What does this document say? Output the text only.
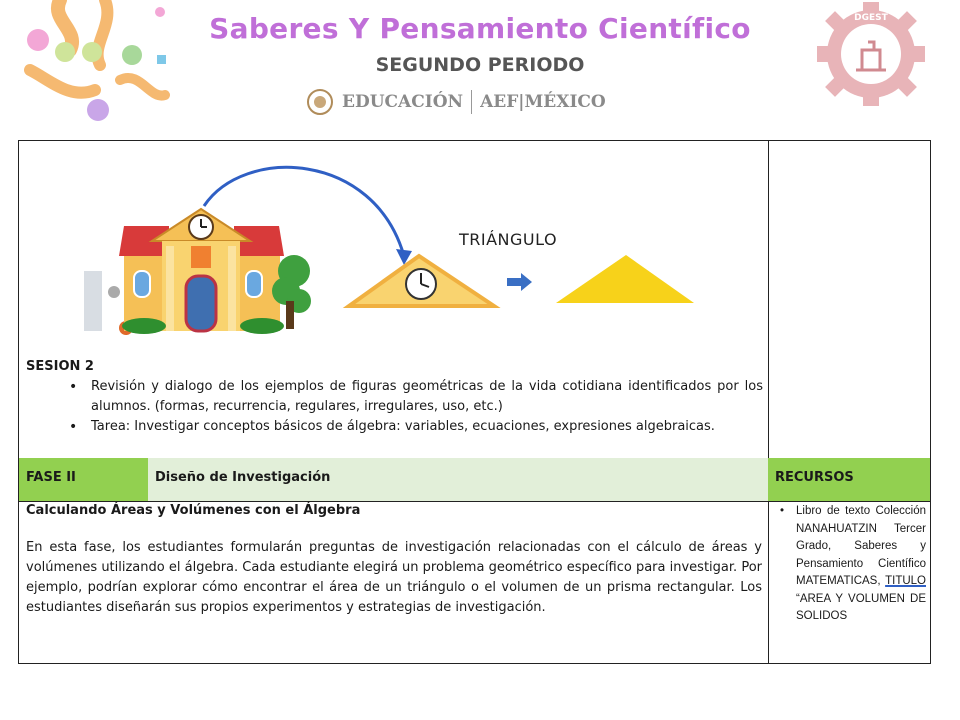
Saberes Y Pensamiento Científico
SEGUNDO PERIODO
EDUCACIÓN AEF|MÉXICO
DGEST
TRIÁNGULO
SESION 2
• Revisión y dialogo de los ejemplos de figuras geométricas de la vida cotidiana identificados por los alumnos. (formas, recurrencia, regulares, irregulares, uso, etc.)
• Tarea: Investigar conceptos básicos de álgebra: variables, ecuaciones, expresiones algebraicas.
FASE II	Diseño de Investigación	RECURSOS
Calculando Áreas y Volúmenes con el Álgebra

En esta fase, los estudiantes formularán preguntas de investigación relacionadas con el cálculo de áreas y volúmenes utilizando el álgebra. Cada estudiante elegirá un problema geométrico específico para investigar. Por ejemplo, podrían explorar cómo encontrar el área de un triángulo o el volumen de un prisma rectangular. Los estudiantes diseñarán sus propios experimentos y estrategias de investigación.

• Libro de texto Colección NANAHUATZIN Tercer Grado, Saberes y Pensamiento Científico MATEMATICAS, TITULO “AREA Y VOLUMEN DE SOLIDOS
